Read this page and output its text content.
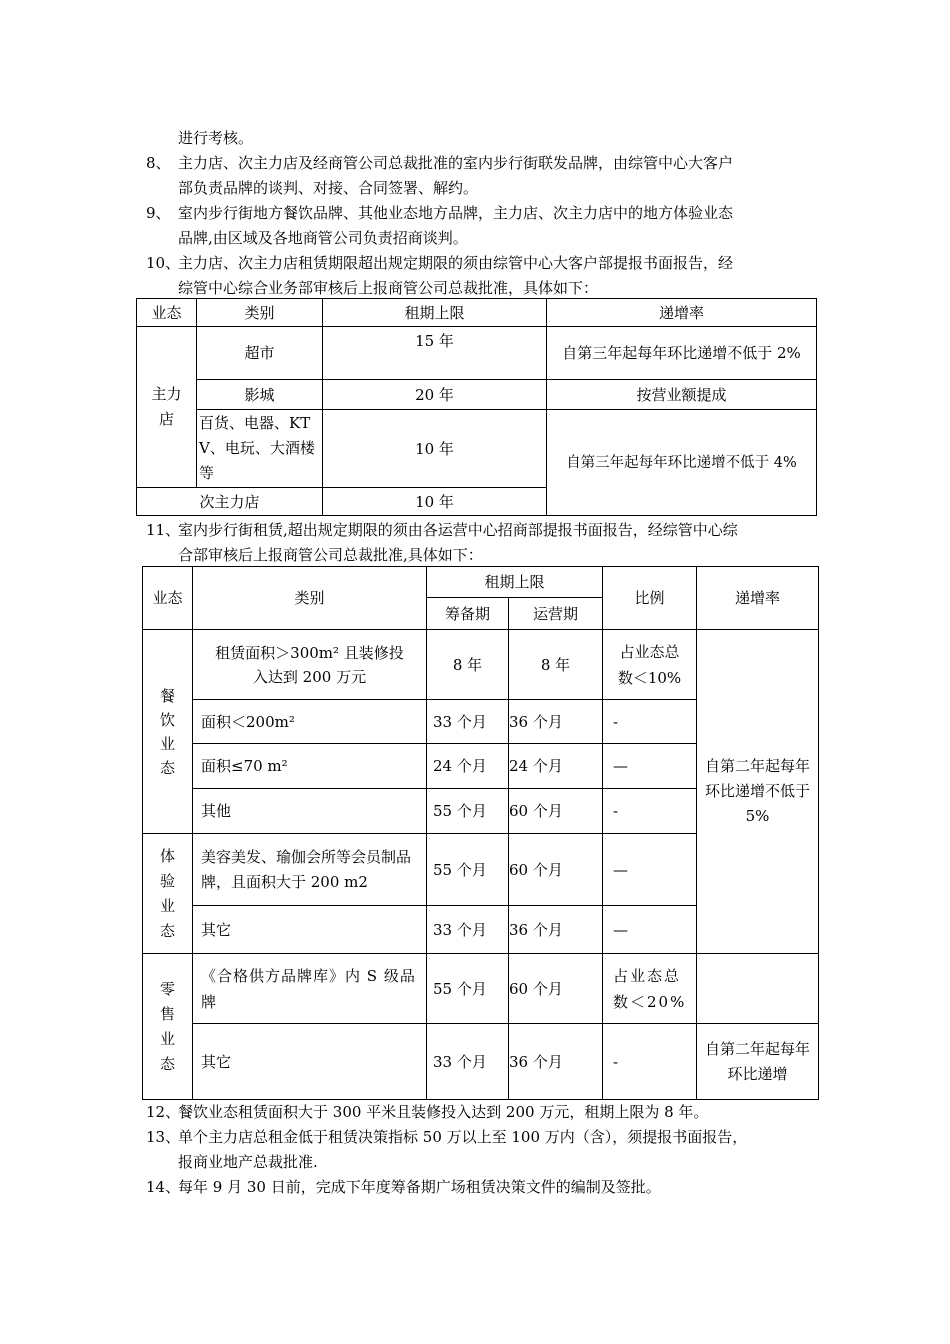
进行考核。
8、 主力店、次主力店及经商管公司总裁批准的室内步行街联发品牌，由综管中心大客户
部负责品牌的谈判、对接、合同签署、解约。
9、 室内步行街地方餐饮品牌、其他业态地方品牌，主力店、次主力店中的地方体验业态
品牌,由区域及各地商管公司负责招商谈判。
10、
主力店、次主力店租赁期限超出规定期限的须由综管中心大客户部提报书面报告，经
综管中心综合业务部审核后上报商管公司总裁批准，具体如下：
业态	类别	租期上限	递增率

主力店	超市	15 年	自第三年起每年环比递增不低于 2%

	影城	20 年	按营业额提成

	百货、电器、KTV、电玩、大酒楼等	10 年	自第三年起每年环比递增不低于 4%
次主力店		10 年	
11、
室内步行街租赁,超出规定期限的须由各运营中心招商部提报书面报告，经综管中心综
合部审核后上报商管公司总裁批准,具体如下：
业态	类别	租期上限		比例	递增率
		筹备期	运营期		

餐饮业态	租赁面积＞300m² 且装修投入达到 200 万元	8 年	8 年	占业态总数＜10%	自第二年起每年环比递增不低于 5%

	面积＜200m²	33 个月	36 个月	-	
	面积≤70 m²	24 个月	24 个月	—	
	其他	55 个月	60 个月	-	

体验业态	美容美发、瑜伽会所等会员制品牌，且面积大于 200 m2	55 个月	60 个月	—	
	其它	33 个月	36 个月	—	

零售业态	《合格供方品牌库》内 S 级品牌	55 个月	60 个月	占业态总数＜20%	

	其它	33 个月	36 个月	-	自第二年起每年环比递增
12、
餐饮业态租赁面积大于 300 平米且装修投入达到 200 万元，租期上限为 8 年。
13、
单个主力店总租金低于租赁决策指标 50 万以上至 100 万内（含），须提报书面报告，
报商业地产总裁批准.
14、
每年 9 月 30 日前，完成下年度筹备期广场租赁决策文件的编制及签批。
